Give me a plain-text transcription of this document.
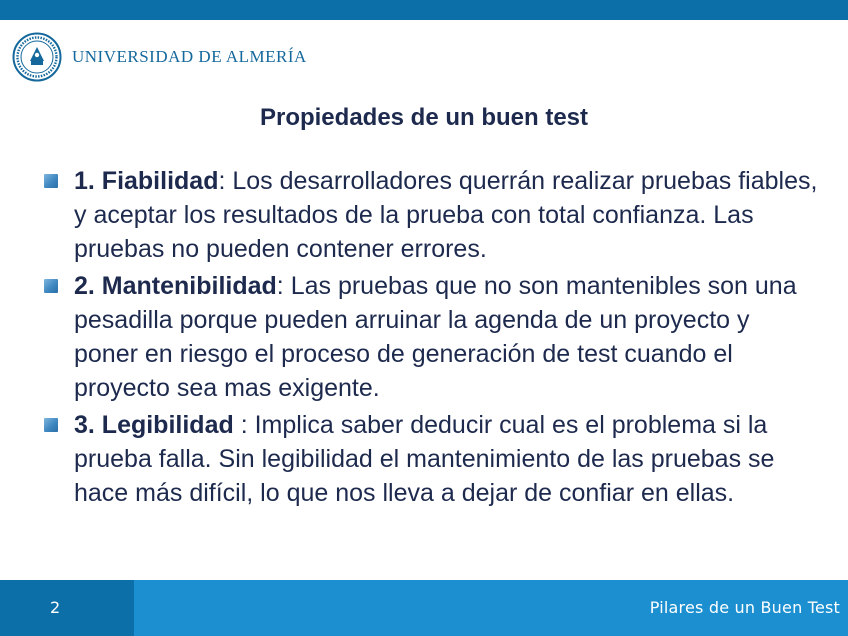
UNIVERSIDAD DE ALMERÍA
Propiedades de un buen test
1. Fiabilidad: Los desarrolladores querrán realizar pruebas fiables, y aceptar los resultados de la prueba con total confianza. Las pruebas no pueden contener errores.
2. Mantenibilidad: Las pruebas que no son mantenibles son una pesadilla porque pueden arruinar la agenda de un proyecto y poner en riesgo el proceso de generación de test cuando el proyecto sea mas exigente.
3. Legibilidad : Implica saber deducir cual es el problema si la prueba falla. Sin legibilidad el mantenimiento de las pruebas se hace más difícil, lo que nos lleva a dejar de confiar en ellas.
2	Pilares de un Buen Test
